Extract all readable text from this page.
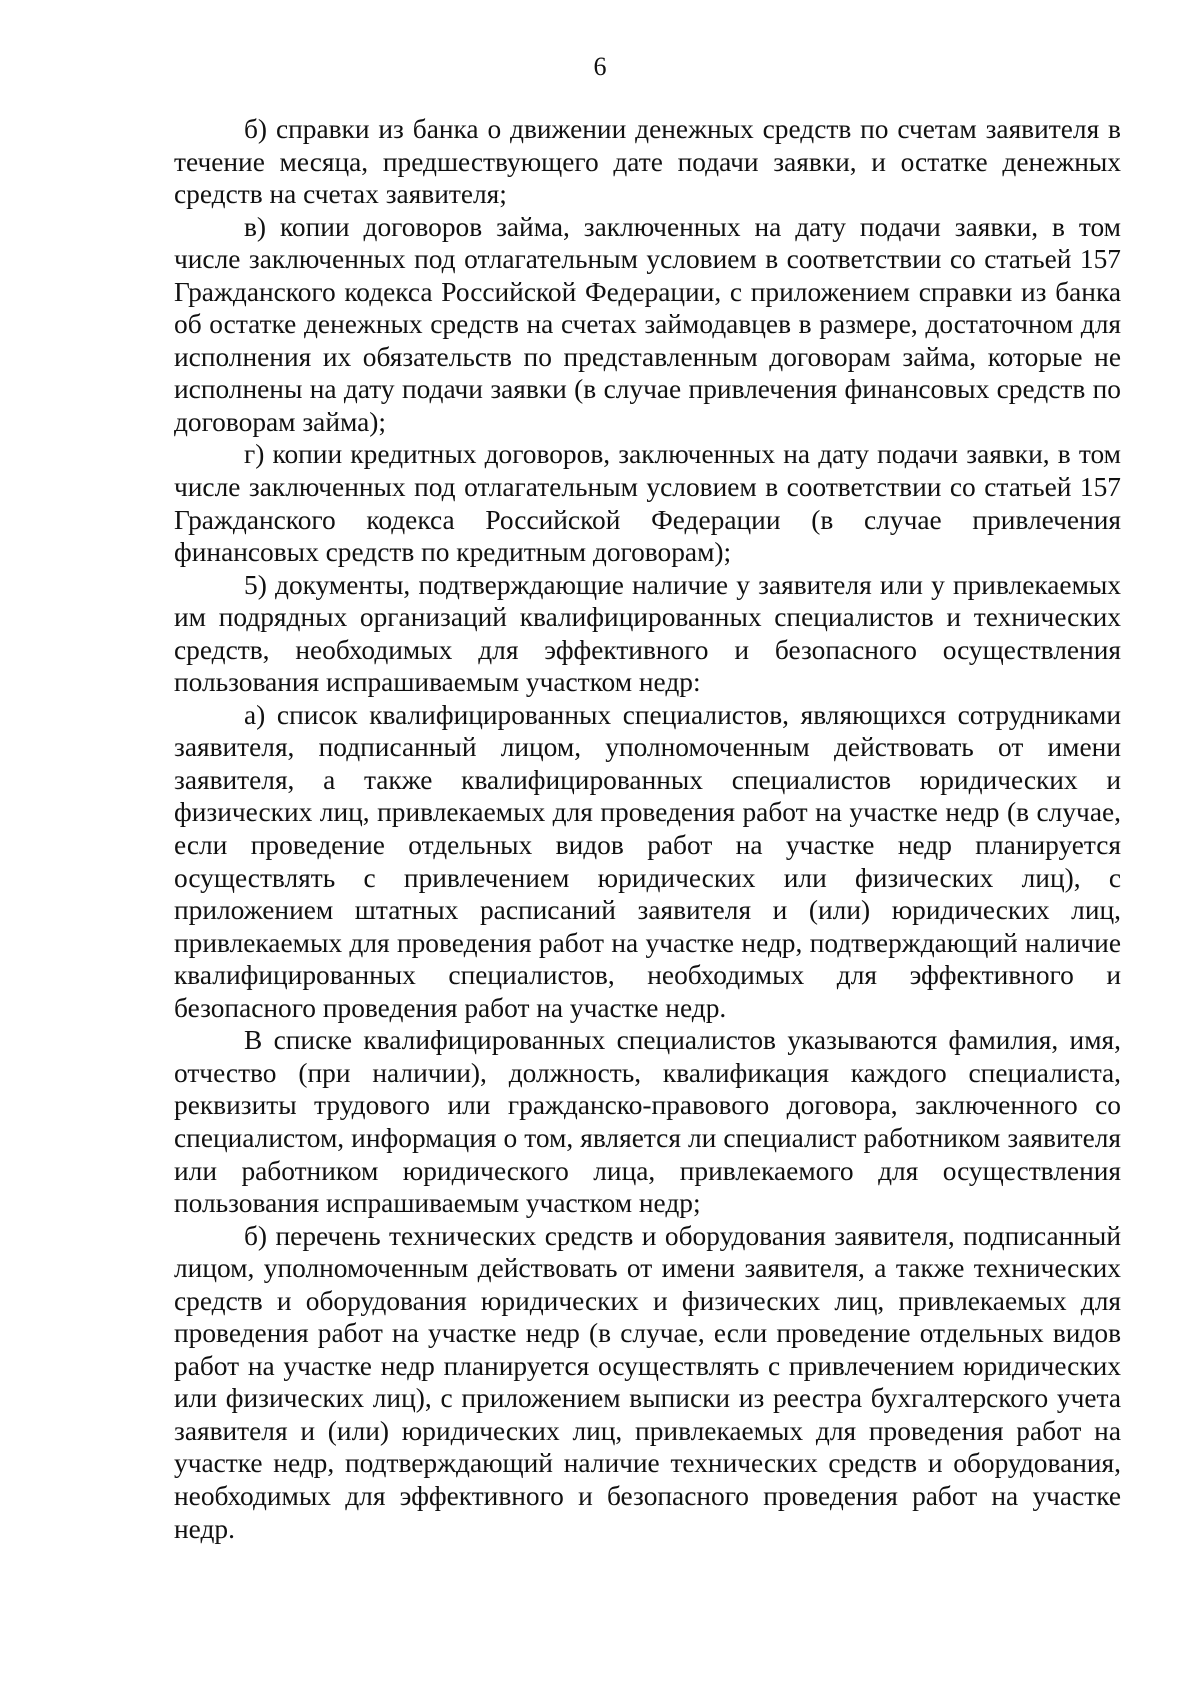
6

б) справки из банка о движении денежных средств по счетам заявителя в течение месяца, предшествующего дате подачи заявки, и остатке денежных средств на счетах заявителя;

в) копии договоров займа, заключенных на дату подачи заявки, в том числе заключенных под отлагательным условием в соответствии со статьей 157 Гражданского кодекса Российской Федерации, с приложением справки из банка об остатке денежных средств на счетах займодавцев в размере, достаточном для исполнения их обязательств по представленным договорам займа, которые не исполнены на дату подачи заявки (в случае привлечения финансовых средств по договорам займа);

г) копии кредитных договоров, заключенных на дату подачи заявки, в том числе заключенных под отлагательным условием в соответствии со статьей 157 Гражданского кодекса Российской Федерации (в случае привлечения финансовых средств по кредитным договорам);

5) документы, подтверждающие наличие у заявителя или у привлекаемых им подрядных организаций квалифицированных специалистов и технических средств, необходимых для эффективного и безопасного осуществления пользования испрашиваемым участком недр:

а) список квалифицированных специалистов, являющихся сотрудниками заявителя, подписанный лицом, уполномоченным действовать от имени заявителя, а также квалифицированных специалистов юридических и физических лиц, привлекаемых для проведения работ на участке недр (в случае, если проведение отдельных видов работ на участке недр планируется осуществлять с привлечением юридических или физических лиц), с приложением штатных расписаний заявителя и (или) юридических лиц, привлекаемых для проведения работ на участке недр, подтверждающий наличие квалифицированных специалистов, необходимых для эффективного и безопасного проведения работ на участке недр.

В списке квалифицированных специалистов указываются фамилия, имя, отчество (при наличии), должность, квалификация каждого специалиста, реквизиты трудового или гражданско-правового договора, заключенного со специалистом, информация о том, является ли специалист работником заявителя или работником юридического лица, привлекаемого для осуществления пользования испрашиваемым участком недр;

б) перечень технических средств и оборудования заявителя, подписанный лицом, уполномоченным действовать от имени заявителя, а также технических средств и оборудования юридических и физических лиц, привлекаемых для проведения работ на участке недр (в случае, если проведение отдельных видов работ на участке недр планируется осуществлять с привлечением юридических или физических лиц), с приложением выписки из реестра бухгалтерского учета заявителя и (или) юридических лиц, привлекаемых для проведения работ на участке недр, подтверждающий наличие технических средств и оборудования, необходимых для эффективного и безопасного проведения работ на участке недр.
